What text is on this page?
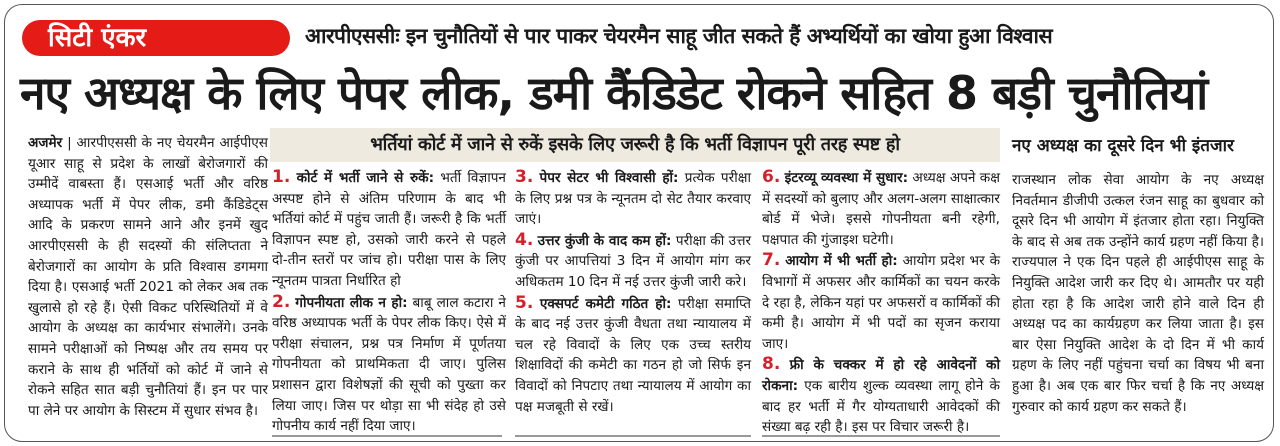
सिटी एंकर	आरपीएससीः इन चुनौतियों से पार पाकर चेयरमैन साहू जीत सकते हैं अभ्यर्थियों का खोया हुआ विश्वास
नए अध्यक्ष के लिए पेपर लीक, डमी कैंडिडेट रोकने सहित 8 बड़ी चुनौतियां
अजमेर | आरपीएससी के नए चेयरमैन आईपीएस यूआर साहू से प्रदेश के लाखों बेरोजगारों की उम्मीदें वाबस्ता हैं। एसआई भर्ती और वरिष्ठ अध्यापक भर्ती में पेपर लीक, डमी कैंडिडेट्स आदि के प्रकरण सामने आने और इनमें खुद आरपीएससी के ही सदस्यों की संलिप्तता ने बेरोजगारों का आयोग के प्रति विश्वास डगमगा दिया है। एसआई भर्ती 2021 को लेकर अब तक खुलासे हो रहे हैं। ऐसी विकट परिस्थितियों में वे आयोग के अध्यक्ष का कार्यभार संभालेंगे। उनके सामने परीक्षाओं को निष्पक्ष और तय समय पर कराने के साथ ही भर्तियों को कोर्ट में जाने से रोकने सहित सात बड़ी चुनौतियां हैं। इन पर पार पा लेने पर आयोग के सिस्टम में सुधार संभव है।
भर्तियां कोर्ट में जाने से रुकें इसके लिए जरूरी है कि भर्ती विज्ञापन पूरी तरह स्पष्ट हो
1. कोर्ट में भर्ती जाने से रुकें: भर्ती विज्ञापन अस्पष्ट होने से अंतिम परिणाम के बाद भी भर्तियां कोर्ट में पहुंच जाती हैं। जरूरी है कि भर्ती विज्ञापन स्पष्ट हो, उसको जारी करने से पहले दो-तीन स्तरों पर जांच हो। परीक्षा पास के लिए न्यूनतम पात्रता निर्धारित हो
2. गोपनीयता लीक न हो: बाबू लाल कटारा ने वरिष्ठ अध्यापक भर्ती के पेपर लीक किए। ऐसे में परीक्षा संचालन, प्रश्न पत्र निर्माण में पूर्णतया गोपनीयता को प्राथमिकता दी जाए। पुलिस प्रशासन द्वारा विशेषज्ञों की सूची को पुख्ता कर लिया जाए। जिस पर थोड़ा सा भी संदेह हो उसे गोपनीय कार्य नहीं दिया जाए।
3. पेपर सेटर भी विश्वासी हों: प्रत्येक परीक्षा के लिए प्रश्न पत्र के न्यूनतम दो सेट तैयार करवाए जाएं।
4. उत्तर कुंजी के वाद कम हों: परीक्षा की उत्तर कुंजी पर आपत्तियां 3 दिन में आयोग मांग कर अधिकतम 10 दिन में नई उत्तर कुंजी जारी करे।
5. एक्सपर्ट कमेटी गठित हो: परीक्षा समाप्ति के बाद नई उत्तर कुंजी वैधता तथा न्यायालय में चल रहे विवादों के लिए एक उच्च स्तरीय शिक्षाविदों की कमेटी का गठन हो जो सिर्फ इन विवादों को निपटाए तथा न्यायालय में आयोग का पक्ष मजबूती से रखें।
6. इंटरव्यू व्यवस्था में सुधार: अध्यक्ष अपने कक्ष में सदस्यों को बुलाए और अलग-अलग साक्षात्कार बोर्ड में भेजे। इससे गोपनीयता बनी रहेगी, पक्षपात की गुंजाइश घटेगी।
7. आयोग में भी भर्ती हो: आयोग प्रदेश भर के विभागों में अफसर और कार्मिकों का चयन करके दे रहा है, लेकिन यहां पर अफसरों व कार्मिकों की कमी है। आयोग में भी पदों का सृजन कराया जाए।
8. फ्री के चक्कर में हो रहे आवेदनों को रोकना: एक बारीय शुल्क व्यवस्था लागू होने के बाद हर भर्ती में गैर योग्यताधारी आवेदकों की संख्या बढ़ रही है। इस पर विचार जरूरी है।
नए अध्यक्ष का दूसरे दिन भी इंतजार
राजस्थान लोक सेवा आयोग के नए अध्यक्ष निवर्तमान डीजीपी उत्कल रंजन साहू का बुधवार को दूसरे दिन भी आयोग में इंतजार होता रहा। नियुक्ति के बाद से अब तक उन्होंने कार्य ग्रहण नहीं किया है। राज्यपाल ने एक दिन पहले ही आईपीएस साहू के नियुक्ति आदेश जारी कर दिए थे। आमतौर पर यही होता रहा है कि आदेश जारी होने वाले दिन ही अध्यक्ष पद का कार्यग्रहण कर लिया जाता है। इस बार ऐसा नियुक्ति आदेश के दो दिन में भी कार्य ग्रहण के लिए नहीं पहुंचना चर्चा का विषय भी बना हुआ है। अब एक बार फिर चर्चा है कि नए अध्यक्ष गुरुवार को कार्य ग्रहण कर सकते हैं।
